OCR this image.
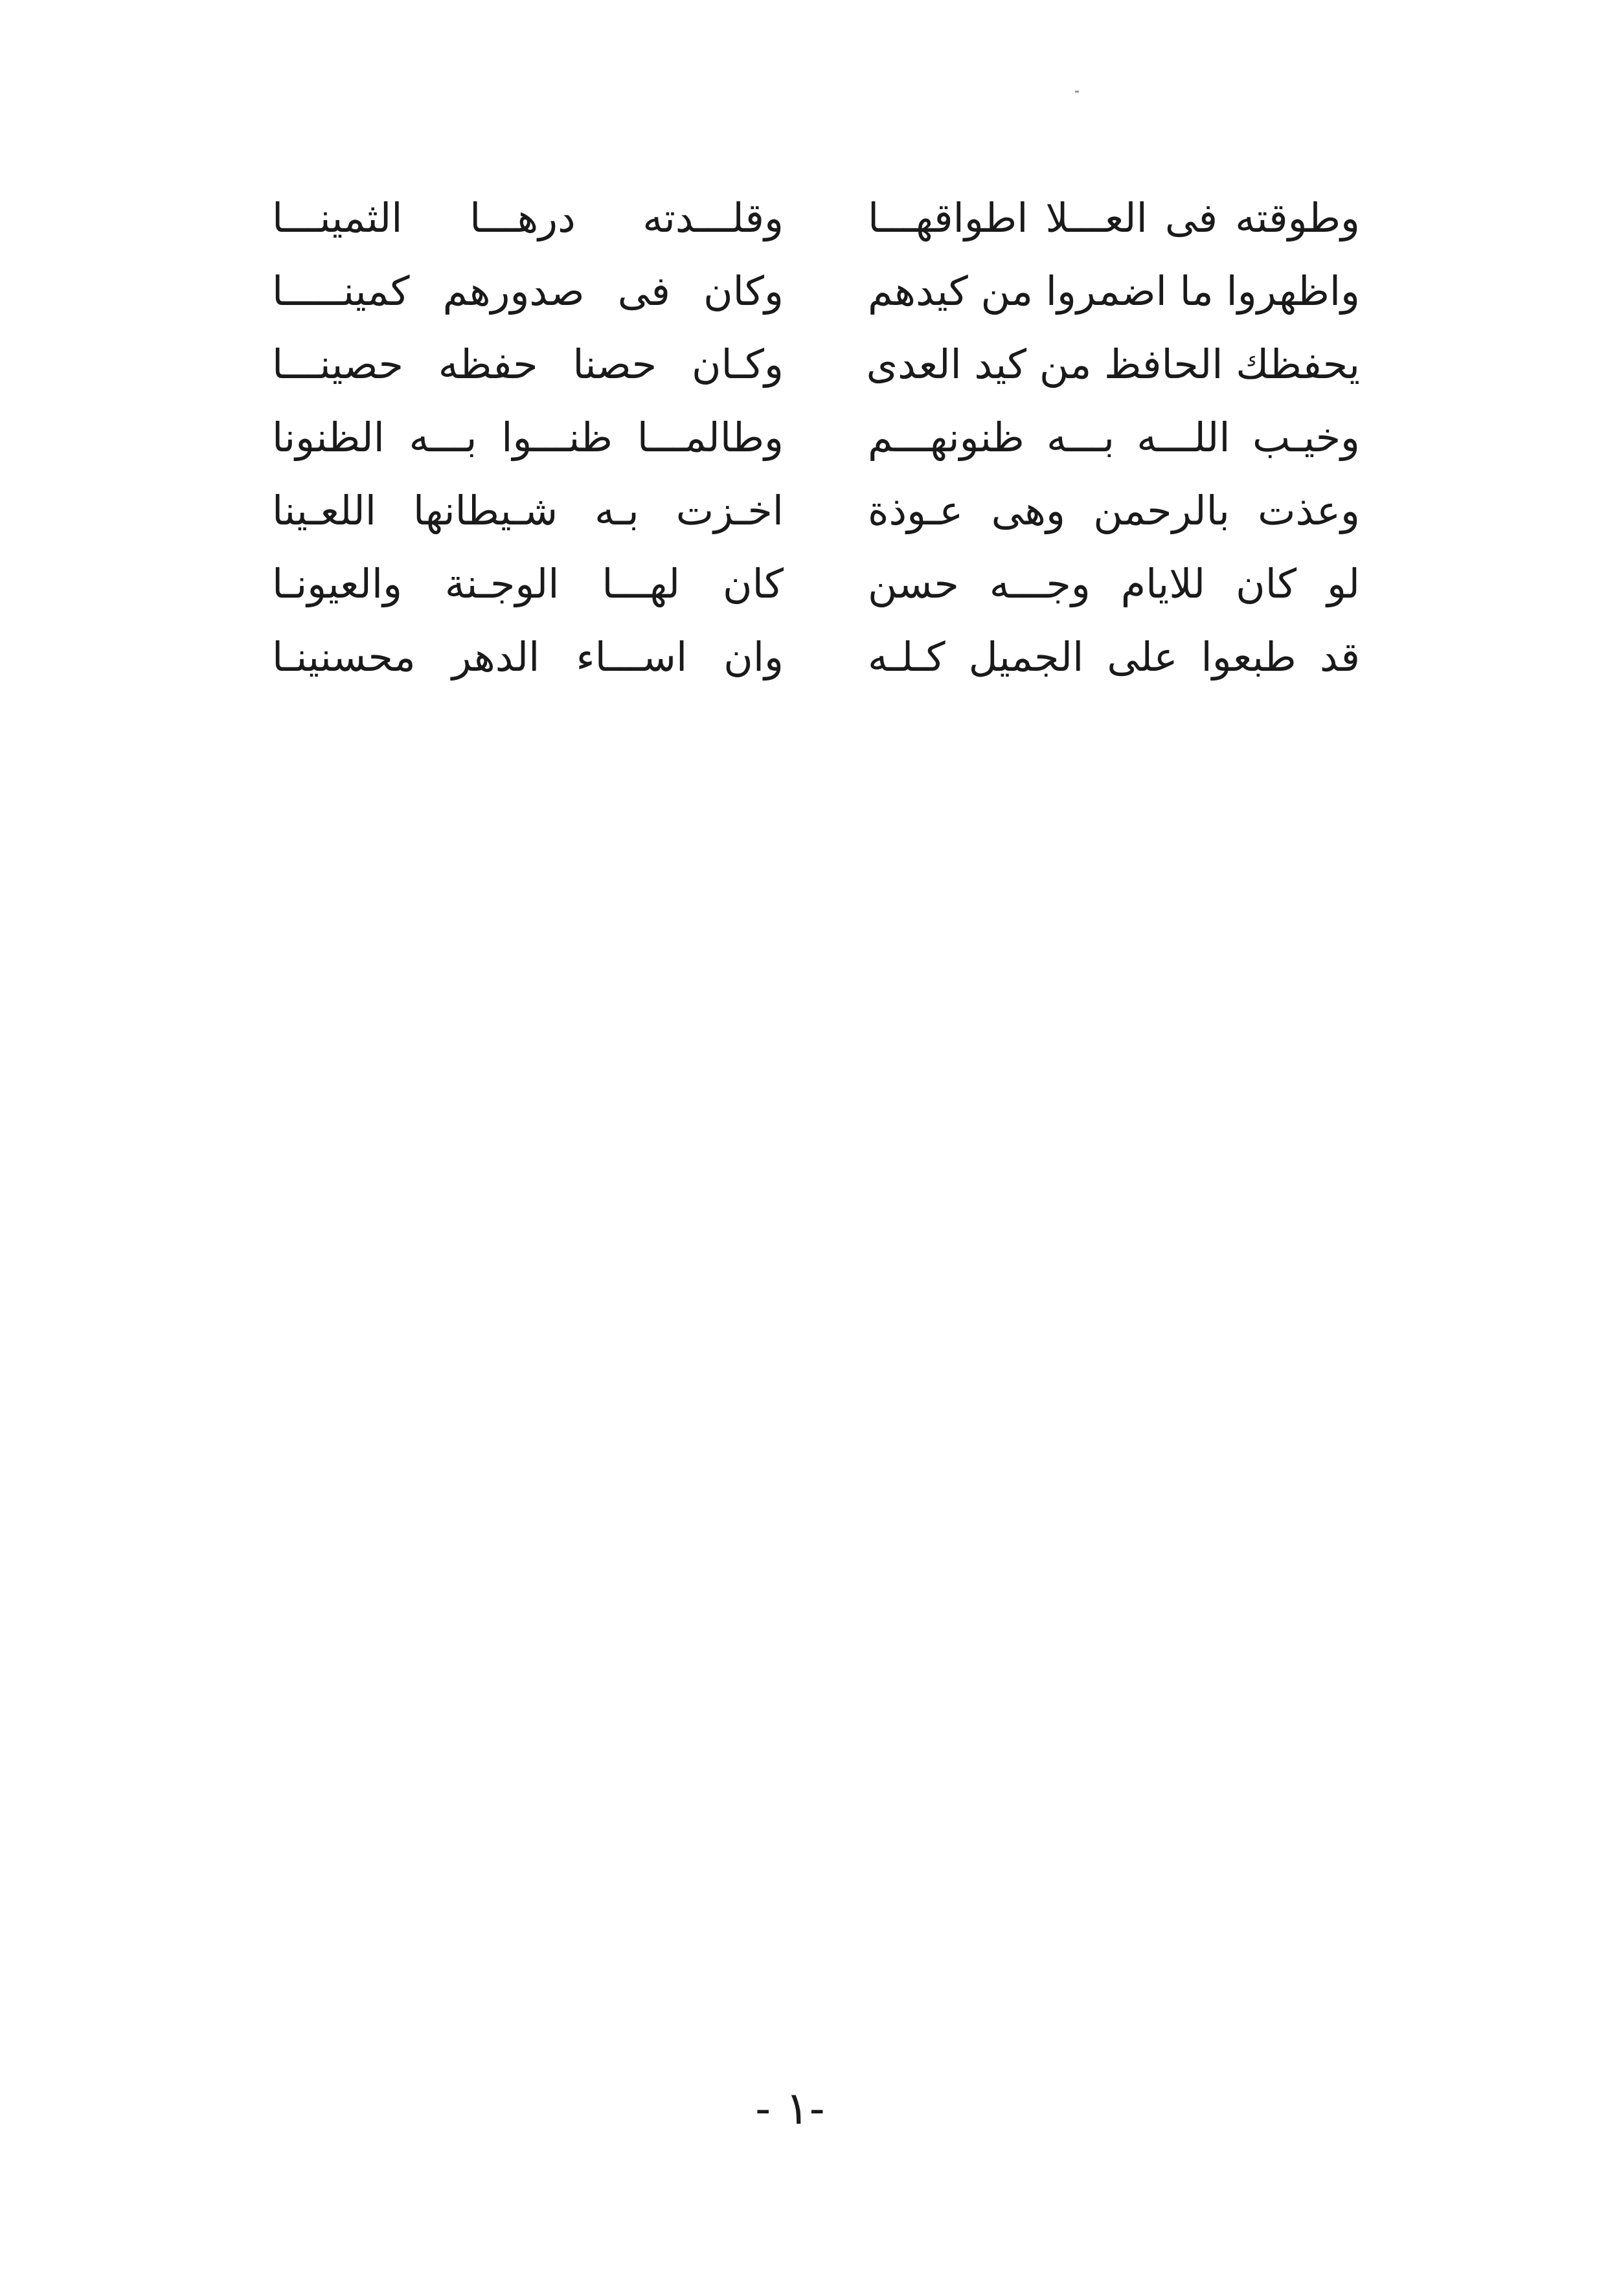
وطوقته فى العـــلا اطواقهـــا
وقلـــدته درهـــا الثمينـــا
واظهروا ما اضمروا من كيدهم
وكان فى صدورهم كمينـــــا
يحفظك الحافظ من كيد العدى
وكـان حصنا حفظه حصينـــا
وخيـب اللـــه بـــه ظنونهـــم
وطالمـــا ظنـــوا بـــه الظنونا
وعذت بالرحمن وهى عـوذة
اخـزت بـه شـيطانها اللعـينا
لو كان للايام وجـــه حسن
كان لهـــا الوجـنة والعيونـا
قد طبعوا على الجميل كـلـه
وان اســـاء الدهر محسنينـا
- ١-
